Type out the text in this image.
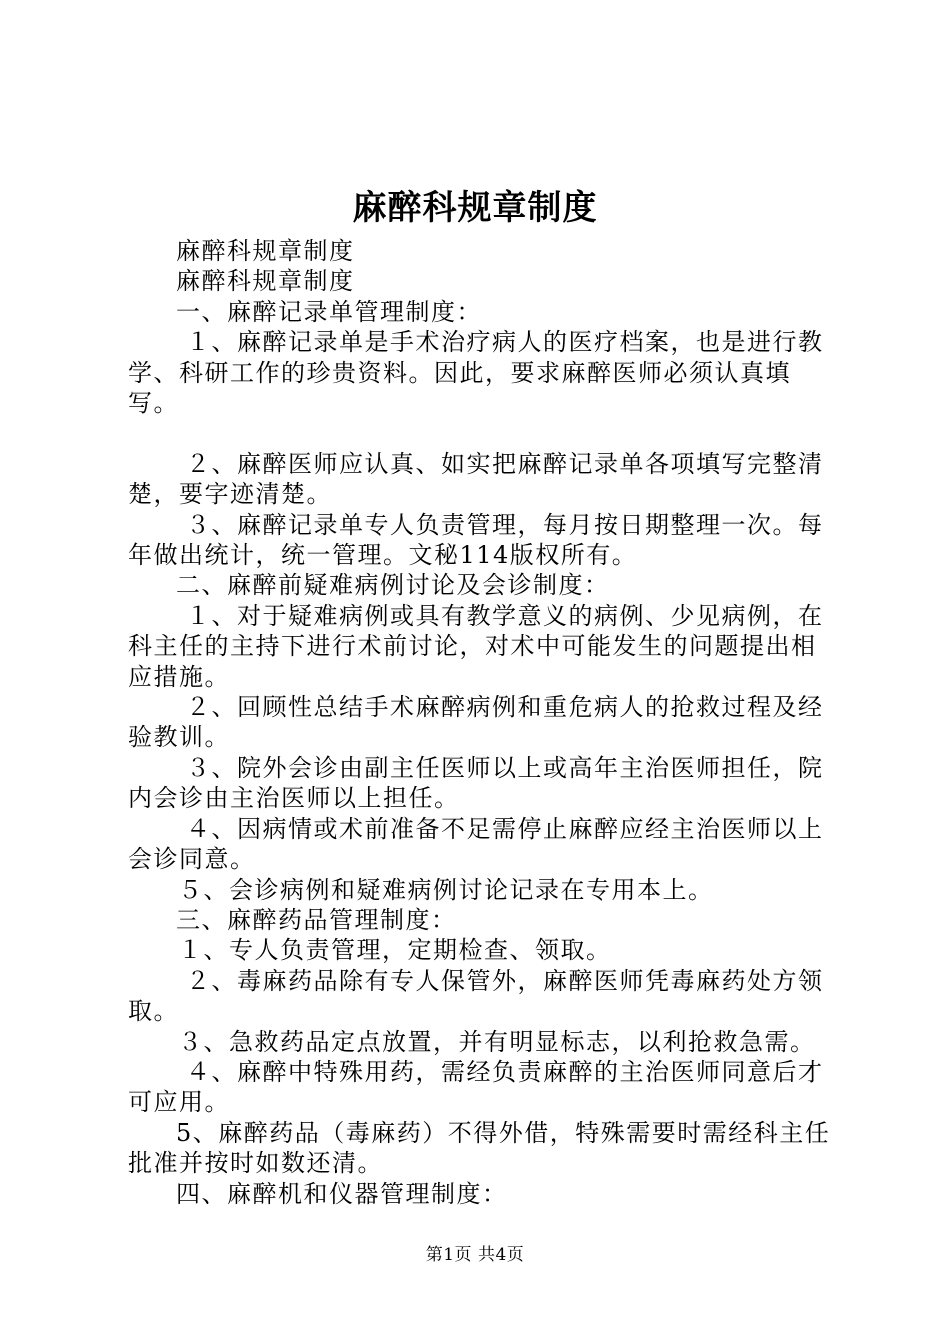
麻醉科规章制度

麻醉科规章制度

麻醉科规章制度

一、麻醉记录单管理制度：

１、麻醉记录单是手术治疗病人的医疗档案，也是进行教学、科研工作的珍贵资料。因此，要求麻醉医师必须认真填写。

２、麻醉医师应认真、如实把麻醉记录单各项填写完整清楚，要字迹清楚。

３、麻醉记录单专人负责管理，每月按日期整理一次。每年做出统计，统一管理。文秘114版权所有。

二、麻醉前疑难病例讨论及会诊制度：

１、对于疑难病例或具有教学意义的病例、少见病例，在科主任的主持下进行术前讨论，对术中可能发生的问题提出相应措施。

２、回顾性总结手术麻醉病例和重危病人的抢救过程及经验教训。

３、院外会诊由副主任医师以上或高年主治医师担任，院内会诊由主治医师以上担任。

４、因病情或术前准备不足需停止麻醉应经主治医师以上会诊同意。

５、会诊病例和疑难病例讨论记录在专用本上。

三、麻醉药品管理制度：

１、专人负责管理，定期检查、领取。

２、毒麻药品除有专人保管外，麻醉医师凭毒麻药处方领取。

３、急救药品定点放置，并有明显标志，以利抢救急需。

４、麻醉中特殊用药，需经负责麻醉的主治医师同意后才可应用。

5、麻醉药品（毒麻药）不得外借，特殊需要时需经科主任批准并按时如数还清。

四、麻醉机和仪器管理制度：

第1页 共4页
